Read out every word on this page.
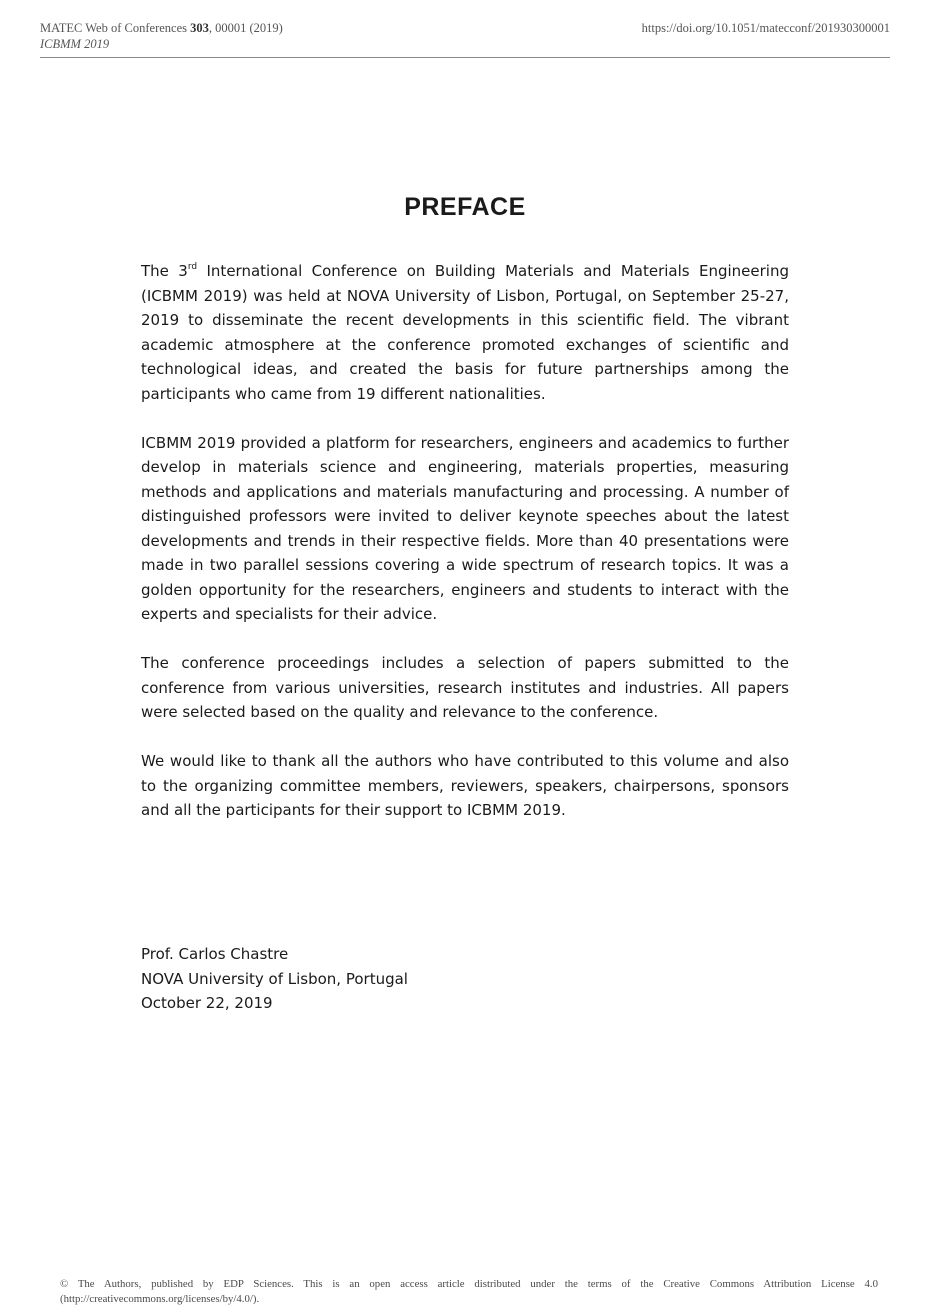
MATEC Web of Conferences 303, 00001 (2019)
ICBMM 2019
https://doi.org/10.1051/matecconf/201930300001
PREFACE

The 3rd International Conference on Building Materials and Materials Engineering (ICBMM 2019) was held at NOVA University of Lisbon, Portugal, on September 25-27, 2019 to disseminate the recent developments in this scientific field. The vibrant academic atmosphere at the conference promoted exchanges of scientific and technological ideas, and created the basis for future partnerships among the participants who came from 19 different nationalities.

ICBMM 2019 provided a platform for researchers, engineers and academics to further develop in materials science and engineering, materials properties, measuring methods and applications and materials manufacturing and processing. A number of distinguished professors were invited to deliver keynote speeches about the latest developments and trends in their respective fields. More than 40 presentations were made in two parallel sessions covering a wide spectrum of research topics. It was a golden opportunity for the researchers, engineers and students to interact with the experts and specialists for their advice.

The conference proceedings includes a selection of papers submitted to the conference from various universities, research institutes and industries. All papers were selected based on the quality and relevance to the conference.

We would like to thank all the authors who have contributed to this volume and also to the organizing committee members, reviewers, speakers, chairpersons, sponsors and all the participants for their support to ICBMM 2019.

Prof. Carlos Chastre
NOVA University of Lisbon, Portugal
October 22, 2019
© The Authors, published by EDP Sciences. This is an open access article distributed under the terms of the Creative Commons Attribution License 4.0
(http://creativecommons.org/licenses/by/4.0/).
